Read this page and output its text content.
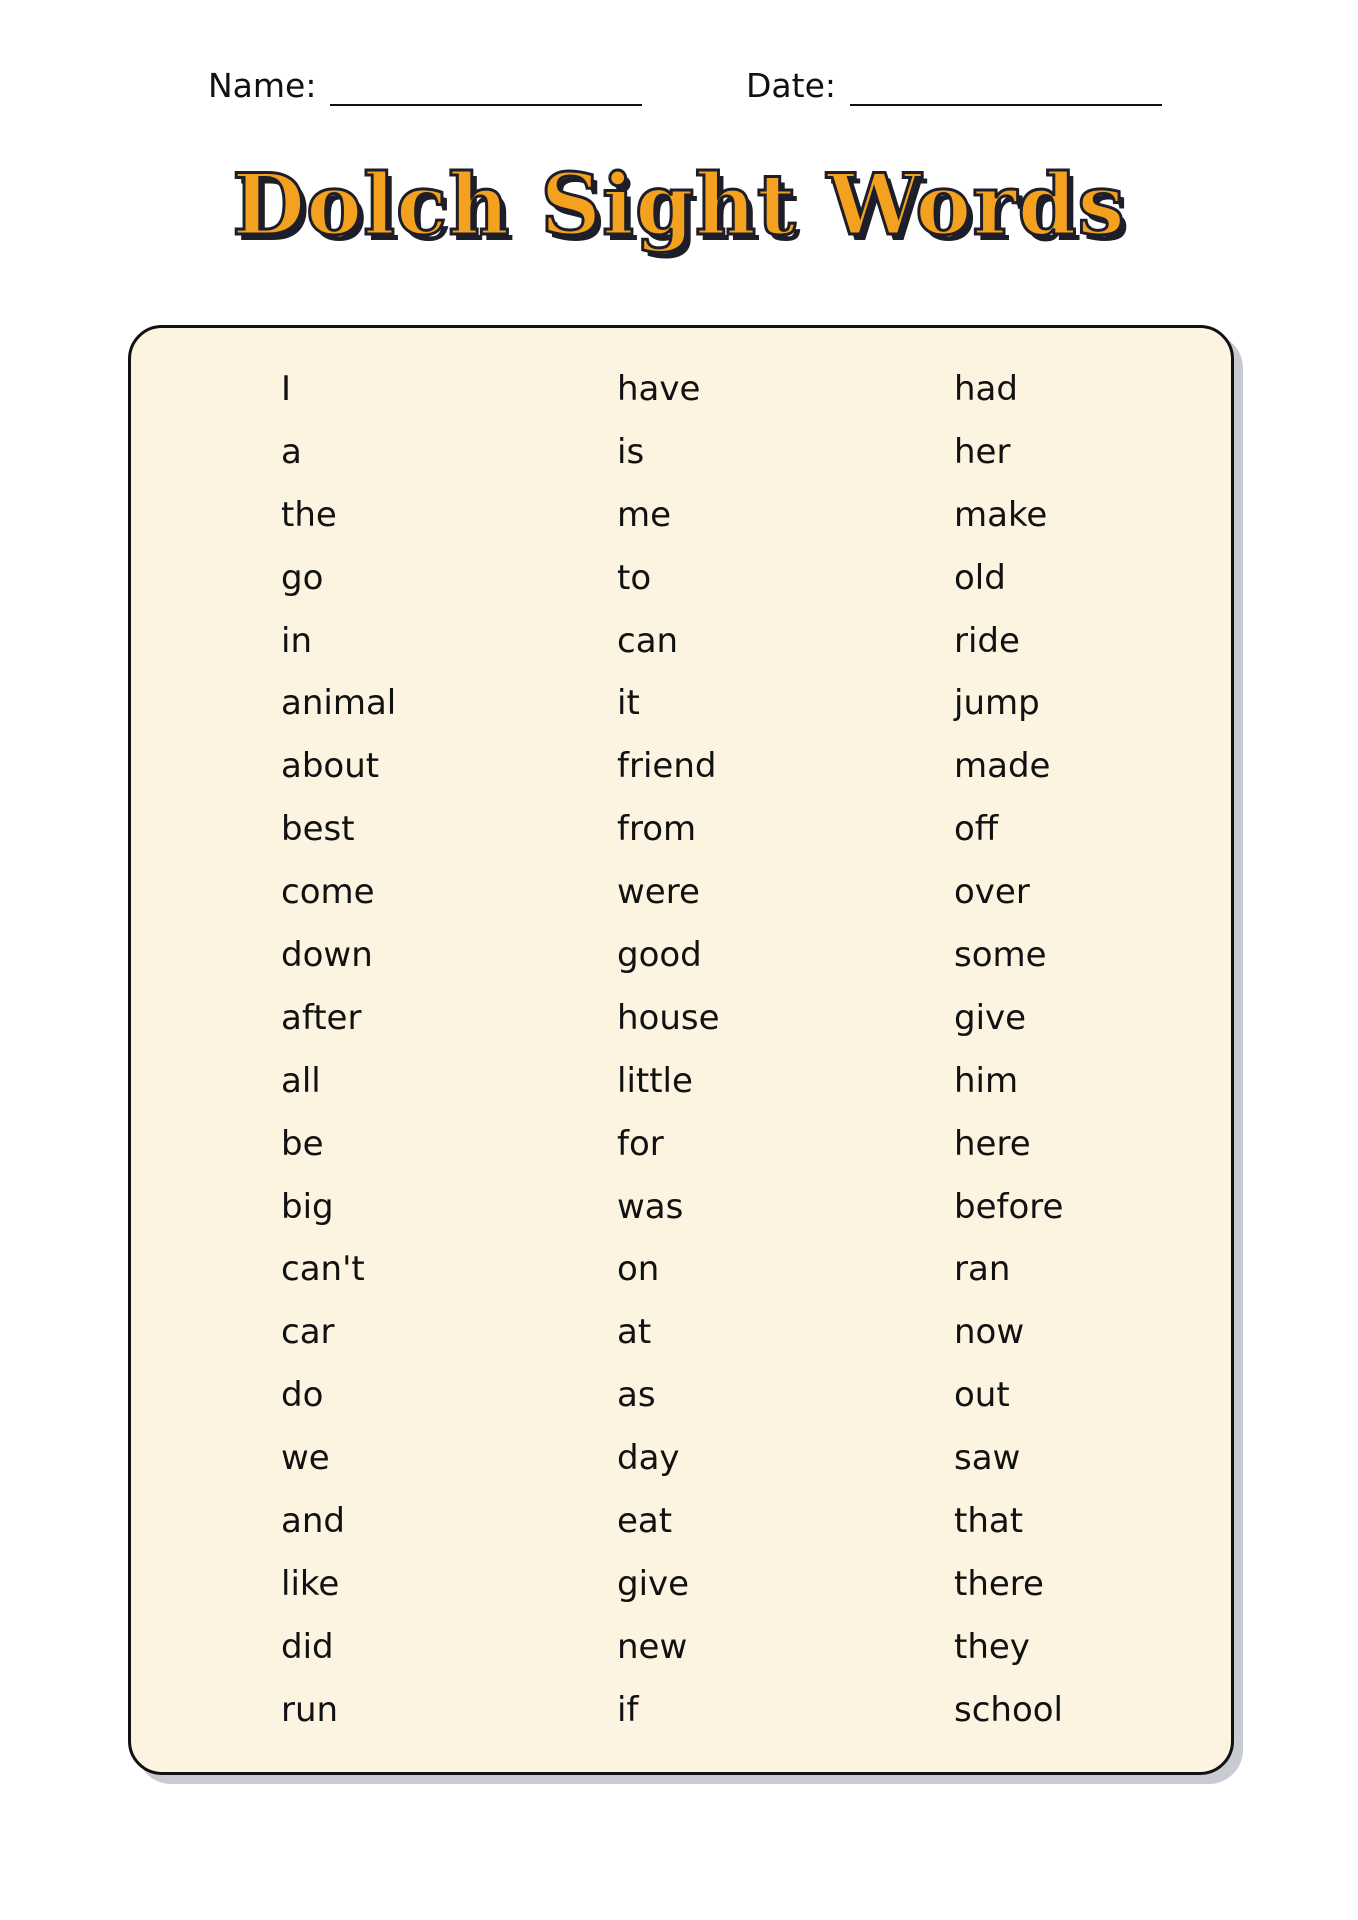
Name:	Date:
Dolch Sight Words
I
a
the
go
in
animal
about
best
come
down
after
all
be
big
can't
car
do
we
and
like
did
run
have
is
me
to
can
it
friend
from
were
good
house
little
for
was
on
at
as
day
eat
give
new
if
had
her
make
old
ride
jump
made
off
over
some
give
him
here
before
ran
now
out
saw
that
there
they
school
